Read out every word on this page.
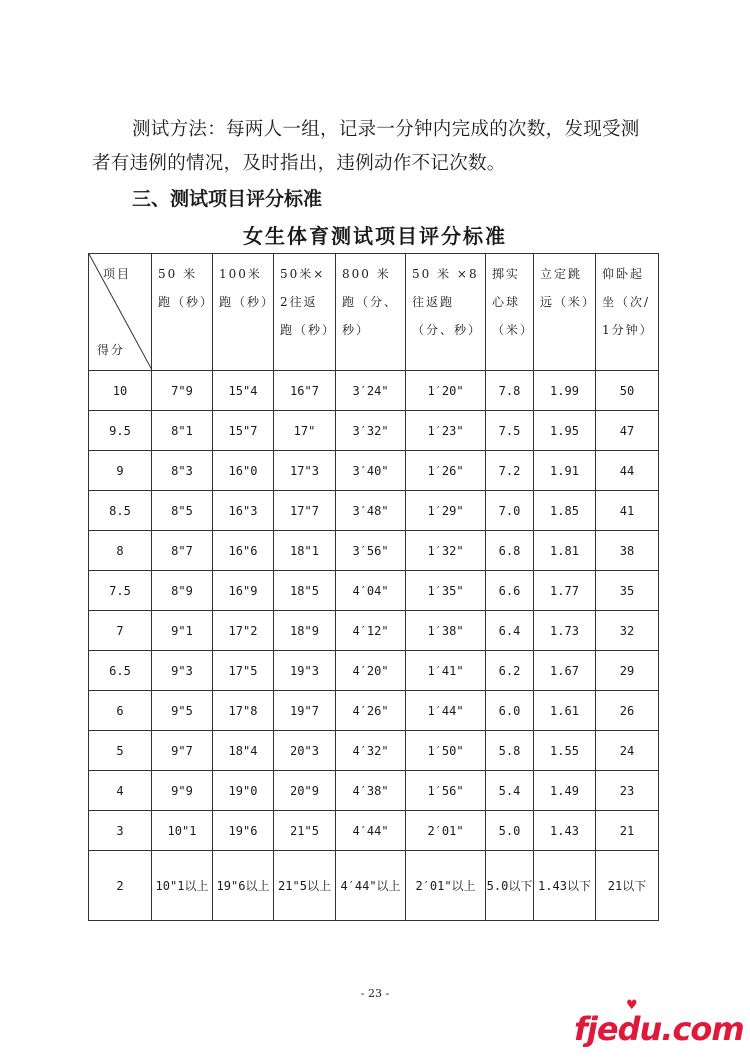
测试方法：每两人一组，记录一分钟内完成的次数，发现受测
者有违例的情况，及时指出，违例动作不记次数。

三、测试项目评分标准
女生体育测试项目评分标准
项目
得分	50 米跑（秒）	100米跑（秒）	50米×2往返跑（秒）	800 米跑（分、秒）	50 米 ×8 往返跑（分、秒）	掷实心球（米）	立定跳远（米）	仰卧起坐（次/1分钟）
10	7"9	15"4	16"7	3′24"	1′20"	7.8	1.99	50
9.5	8"1	15"7	17"	3′32"	1′23"	7.5	1.95	47
9	8"3	16"0	17"3	3′40"	1′26"	7.2	1.91	44
8.5	8"5	16"3	17"7	3′48"	1′29"	7.0	1.85	41
8	8"7	16"6	18"1	3′56"	1′32"	6.8	1.81	38
7.5	8"9	16"9	18"5	4′04"	1′35"	6.6	1.77	35
7	9"1	17"2	18"9	4′12"	1′38"	6.4	1.73	32
6.5	9"3	17"5	19"3	4′20"	1′41"	6.2	1.67	29
6	9"5	17"8	19"7	4′26"	1′44"	6.0	1.61	26
5	9"7	18"4	20"3	4′32"	1′50"	5.8	1.55	24
4	9"9	19"0	20"9	4′38"	1′56"	5.4	1.49	23
3	10"1	19"6	21"5	4′44"	2′01"	5.0	1.43	21
2	10"1以上	19"6以上	21"5以上	4′44"以上	2′01"以上	5.0以下	1.43以下	21以下

- 23 -

♥
fjedu.com
